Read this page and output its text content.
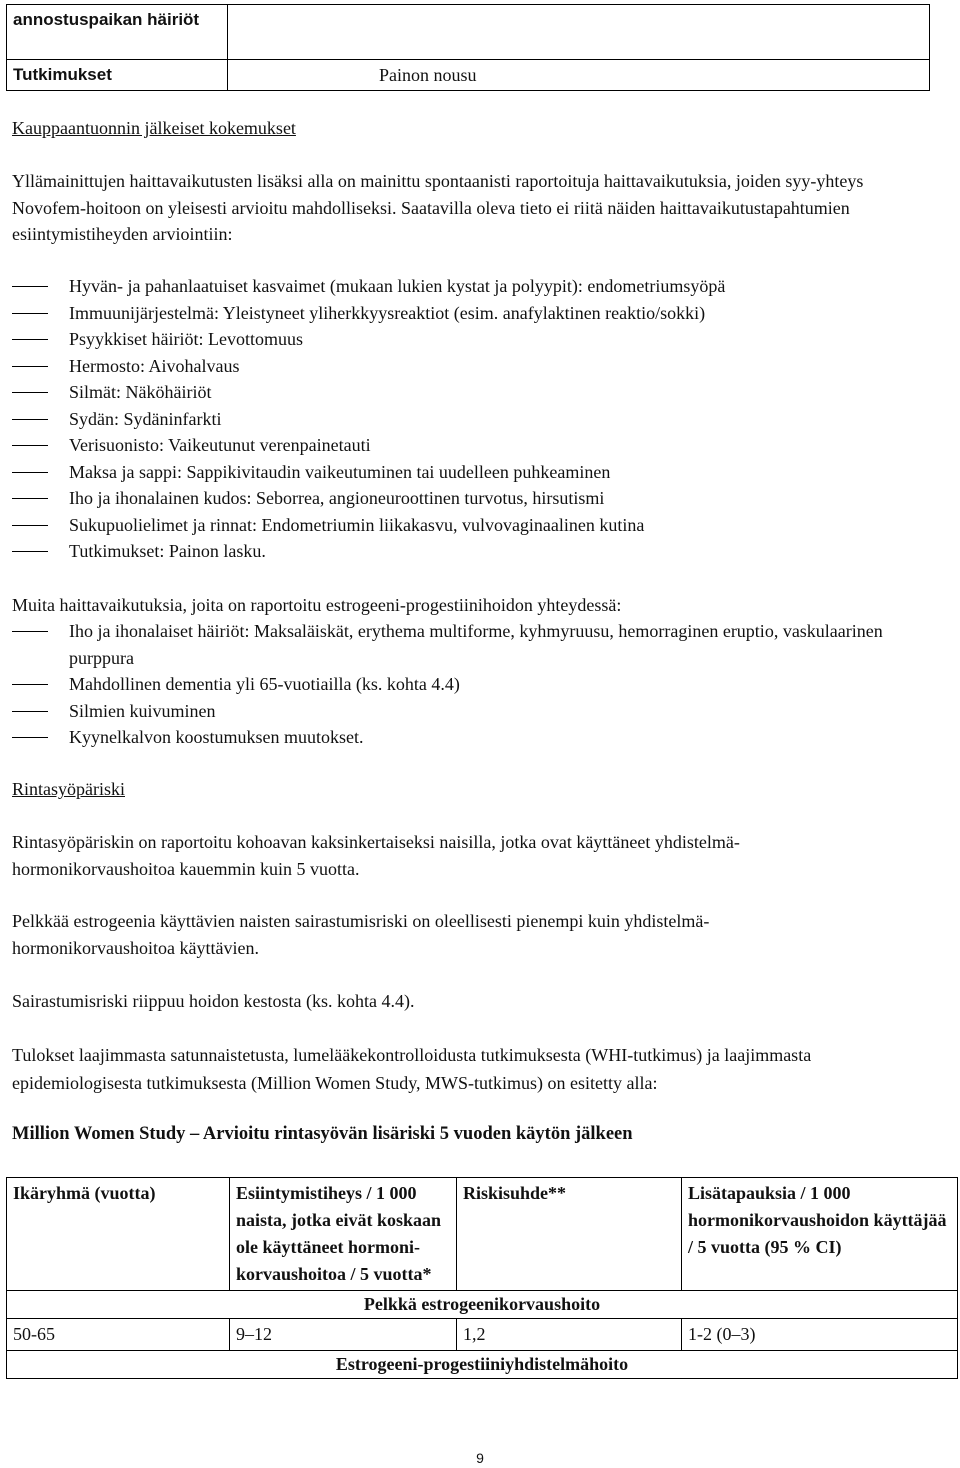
annostuspaikan häiriöt	
Tutkimukset	Painon nousu

Kauppaantuonnin jälkeiset kokemukset

Yllämainittujen haittavaikutusten lisäksi alla on mainittu spontaanisti raportoituja haittavaikutuksia, joiden syy-yhteys Novofem-hoitoon on yleisesti arvioitu mahdolliseksi. Saatavilla oleva tieto ei riitä näiden haittavaikutustapahtumien esiintymistiheyden arviointiin:

Hyvän- ja pahanlaatuiset kasvaimet (mukaan lukien kystat ja polyypit): endometriumsyöpä
Immuunijärjestelmä: Yleistyneet yliherkkyysreaktiot (esim. anafylaktinen reaktio/sokki)
Psyykkiset häiriöt: Levottomuus
Hermosto: Aivohalvaus
Silmät: Näköhäiriöt
Sydän: Sydäninfarkti
Verisuonisto: Vaikeutunut verenpainetauti
Maksa ja sappi: Sappikivitaudin vaikeutuminen tai uudelleen puhkeaminen
Iho ja ihonalainen kudos: Seborrea, angioneuroottinen turvotus, hirsutismi
Sukupuolielimet ja rinnat: Endometriumin liikakasvu, vulvovaginaalinen kutina
Tutkimukset: Painon lasku.

Muita haittavaikutuksia, joita on raportoitu estrogeeni-progestiinihoidon yhteydessä:

Iho ja ihonalaiset häiriöt: Maksaläiskät, erythema multiforme, kyhmyruusu, hemorraginen eruptio, vaskulaarinen purppura
Mahdollinen dementia yli 65-vuotiailla (ks. kohta 4.4)
Silmien kuivuminen
Kyynelkalvon koostumuksen muutokset.

Rintasyöpäriski

Rintasyöpäriskin on raportoitu kohoavan kaksinkertaiseksi naisilla, jotka ovat käyttäneet yhdistelmä-hormonikorvaushoitoa kauemmin kuin 5 vuotta.

Pelkkää estrogeenia käyttävien naisten sairastumisriski on oleellisesti pienempi kuin yhdistelmä-hormonikorvaushoitoa käyttävien.

Sairastumisriski riippuu hoidon kestosta (ks. kohta 4.4).

Tulokset laajimmasta satunnaistetusta, lumelääkekontrolloidusta tutkimuksesta (WHI-tutkimus) ja laajimmasta epidemiologisesta tutkimuksesta (Million Women Study, MWS-tutkimus) on esitetty alla:

Million Women Study – Arvioitu rintasyövän lisäriski 5 vuoden käytön jälkeen

Ikäryhmä (vuotta)	Esiintymistiheys / 1 000 naista, jotka eivät koskaan ole käyttäneet hormoni-korvaushoitoa / 5 vuotta*	Riskisuhde**	Lisätapauksia / 1 000 hormonikorvaushoidon käyttäjää / 5 vuotta (95 % CI)
Pelkkä estrogeenikorvaushoito			
50-65	9–12	1,2	1-2 (0–3)
Estrogeeni-progestiiniyhdistelmähoito			
9
